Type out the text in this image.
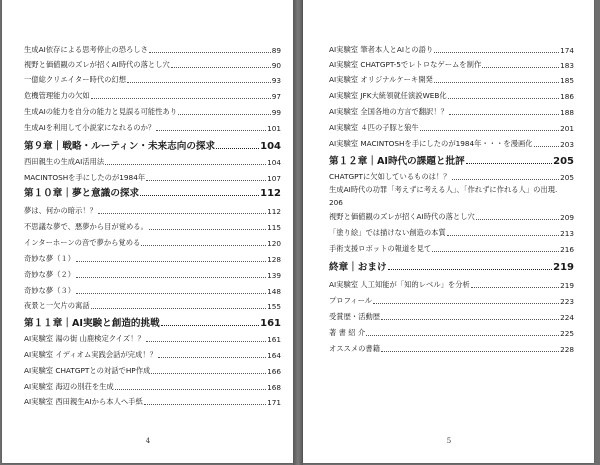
生成AI依存による思考停止の恐ろしさ	89
視野と価値観のズレが招くAI時代の落とし穴	90
一億総クリエイター時代の幻想	93
危機管理能力の欠如	97
生成AIの能力を自分の能力と見誤る可能性あり	99
生成AIを利用して小説家になれるのか？	101
第９章｜戦略・ルーティン・未来志向の探求	104
西田親生の生成AI活用法	104
MACINTOSHを手にしたのが1984年	107
第１０章｜夢と意識の探求	112
夢は、何かの暗示！？	112
不思議な夢で、悪夢から目が覚める。	115
インターホーンの音で夢から覚める	120
奇妙な夢（１）	128
奇妙な夢（２）	139
奇妙な夢（３）	148
夜景と一欠片の寓話	155
第１１章｜AI実験と創造的挑戦	161
AI実験室 湯の街 山鹿検定クイズ！？	161
AI実験室 イディオム実践会話が完成！？	164
AI実験室 CHATGPTとの対話でHP作成	166
AI実験室 海辺の別荘を生成	168
AI実験室 西田親生AIから本人へ手紙	171
4
AI実験室 筆者本人とAIとの語り	174
AI実験室 CHATGPT-5でレトロなゲームを制作	183
AI実験室 オリジナルケーキ開発	185
AI実験室 JFK大統領就任演説WEB化	186
AI実験室 全国各地の方言で翻訳！？	188
AI実験室 ４匹の子豚と狼牛	201
AI実験室 MACINTOSHを手にしたのが1984年・・・を漫画化	203
第１２章｜AI時代の課題と批評	205
CHATGPTに欠如しているものは！？	205
生成AI時代の功罪「考えずに考える人」、「作れずに作れる人」の出現.
206
視野と価値観のズレが招くAI時代の落とし穴	209
「塗り絵」では描けない創造の本質	213
手術支援ロボットの報道を見て	216
終章｜おまけ	219
AI実験室 人工知能が「知的レベル」を分析	219
プロフィール	223
受賞歴・活動歴	224
著 書 紹 介	225
オススメの書籍	228
5
